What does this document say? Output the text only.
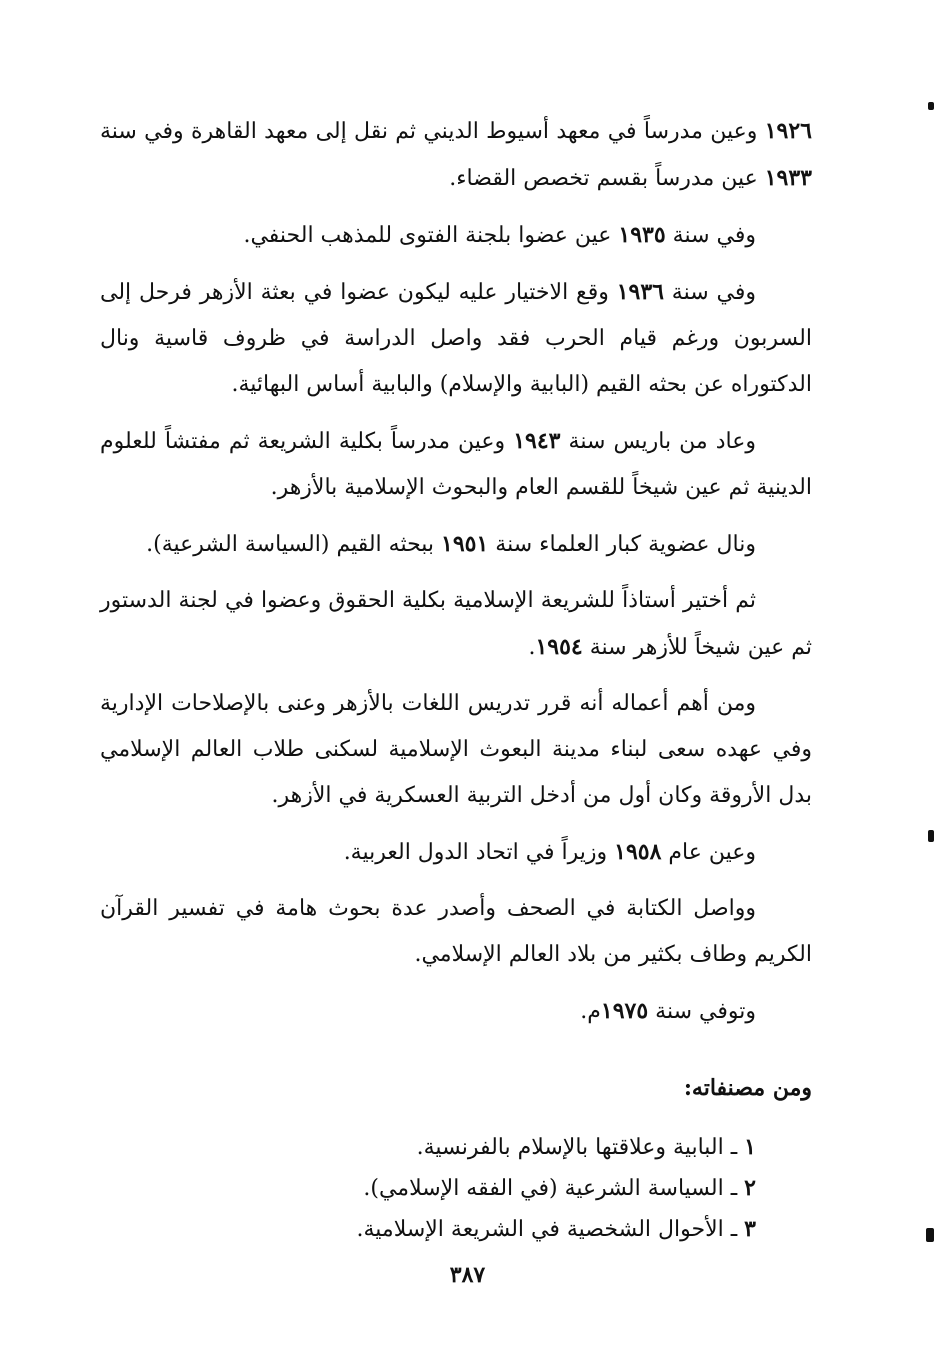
١٩٢٦ وعين مدرساً في معهد أسيوط الديني ثم نقل إلى معهد القاهرة وفي سنة ١٩٣٣ عين مدرساً بقسم تخصص القضاء.

وفي سنة ١٩٣٥ عين عضوا بلجنة الفتوى للمذهب الحنفي.

وفي سنة ١٩٣٦ وقع الاختيار عليه ليكون عضوا في بعثة الأزهر فرحل إلى السربون ورغم قيام الحرب فقد واصل الدراسة في ظروف قاسية ونال الدكتوراه عن بحثه القيم (البابية والإسلام) والبابية أساس البهائية.

وعاد من باريس سنة ١٩٤٣ وعين مدرساً بكلية الشريعة ثم مفتشاً للعلوم الدينية ثم عين شيخاً للقسم العام والبحوث الإسلامية بالأزهر.

ونال عضوية كبار العلماء سنة ١٩٥١ ببحثه القيم (السياسة الشرعية).

ثم أختير أستاذاً للشريعة الإسلامية بكلية الحقوق وعضوا في لجنة الدستور ثم عين شيخاً للأزهر سنة ١٩٥٤.

ومن أهم أعماله أنه قرر تدريس اللغات بالأزهر وعنى بالإصلاحات الإدارية وفي عهده سعى لبناء مدينة البعوث الإسلامية لسكنى طلاب العالم الإسلامي بدل الأروقة وكان أول من أدخل التربية العسكرية في الأزهر.

وعين عام ١٩٥٨ وزيراً في اتحاد الدول العربية.

وواصل الكتابة في الصحف وأصدر عدة بحوث هامة في تفسير القرآن الكريم وطاف بكثير من بلاد العالم الإسلامي.

وتوفي سنة ١٩٧٥م.

ومن مصنفاته:
١ ـ البابية وعلاقتها بالإسلام بالفرنسية.
٢ ـ السياسة الشرعية (في الفقه الإسلامي).
٣ ـ الأحوال الشخصية في الشريعة الإسلامية.
٣٨٧
